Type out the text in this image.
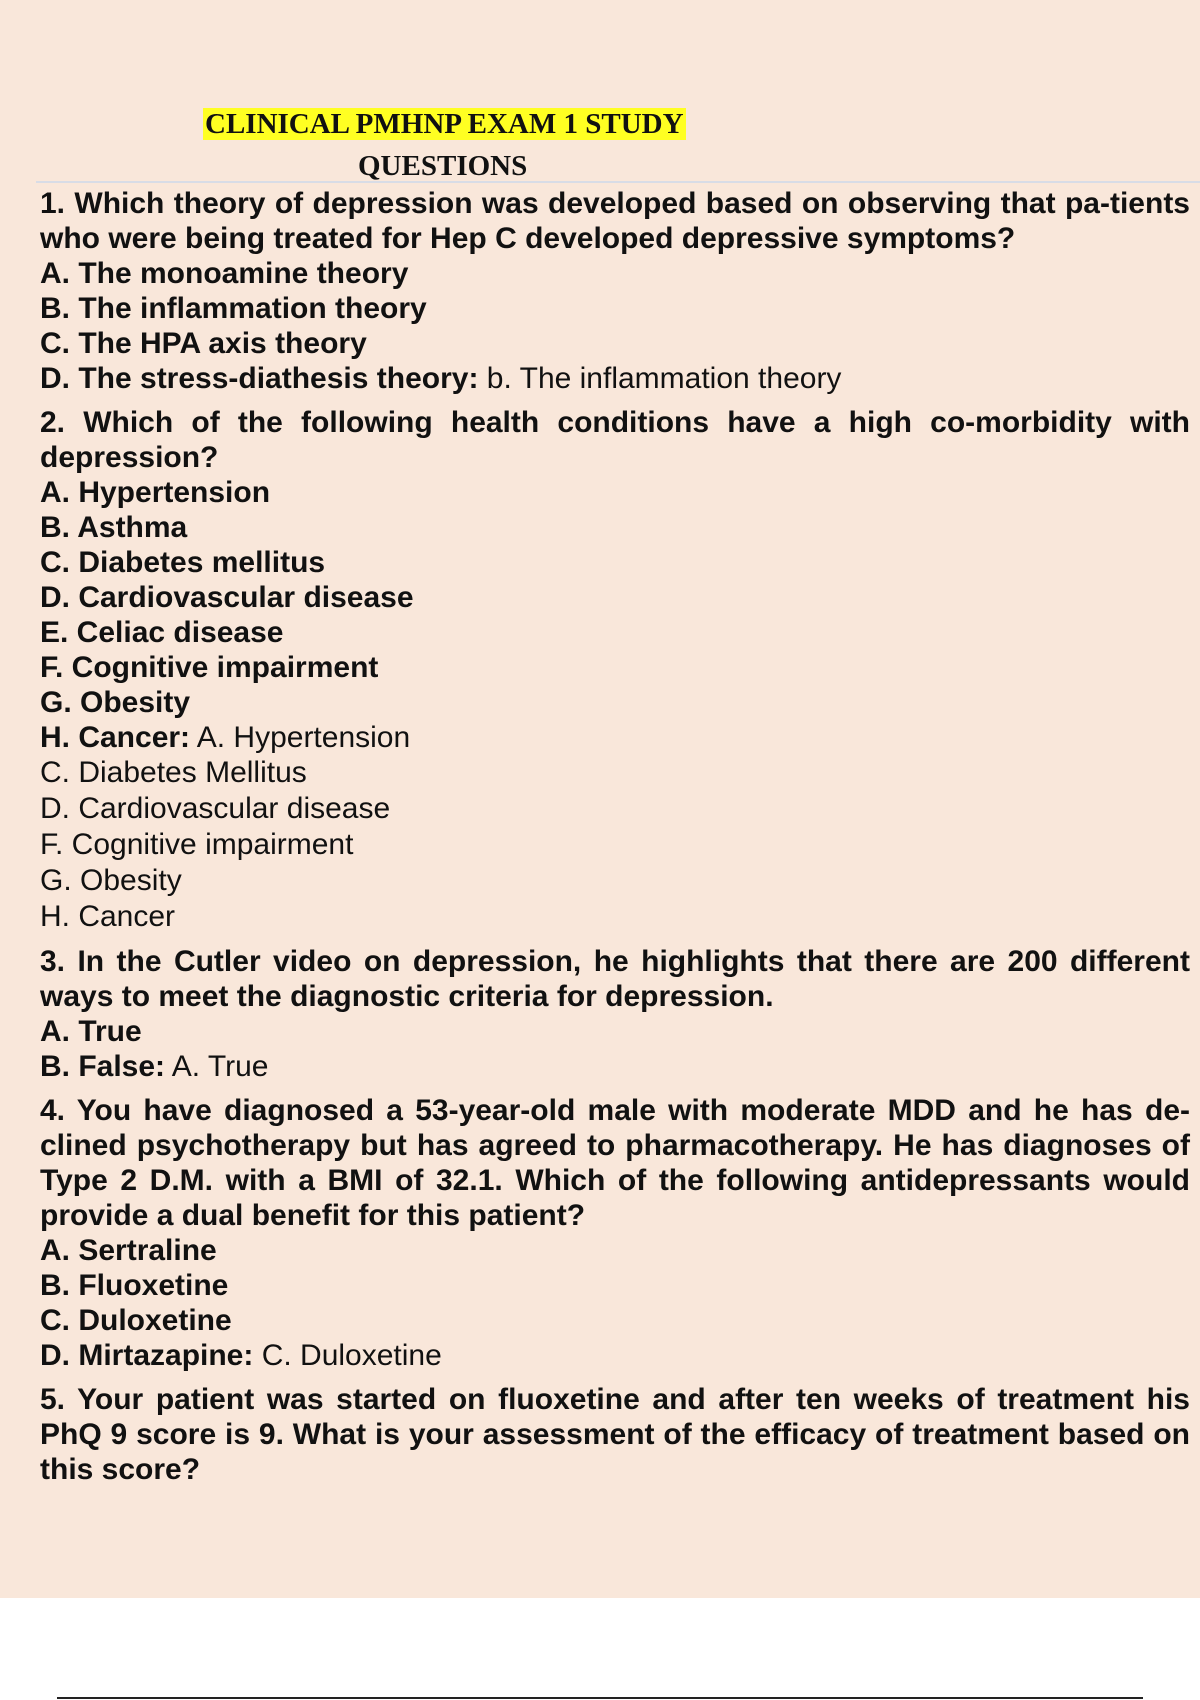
CLINICAL PMHNP EXAM 1 STUDY
QUESTIONS

1. Which theory of depression was developed based on observing that pa-tients who were being treated for Hep C developed depressive symptoms?

A. The monoamine theory

B. The inflammation theory

C. The HPA axis theory

D. The stress-diathesis theory: b. The inflammation theory

2. Which of the following health conditions have a high co-morbidity with depression?

A. Hypertension

B. Asthma

C. Diabetes mellitus

D. Cardiovascular disease

E. Celiac disease

F. Cognitive impairment

G. Obesity

H. Cancer: A. Hypertension

C. Diabetes Mellitus

D. Cardiovascular disease

F. Cognitive impairment

G. Obesity

H. Cancer

3. In the Cutler video on depression, he highlights that there are 200 different ways to meet the diagnostic criteria for depression.

A. True

B. False: A. True

4. You have diagnosed a 53-year-old male with moderate MDD and he has de-clined psychotherapy but has agreed to pharmacotherapy. He has diagnoses of Type 2 D.M. with a BMI of 32.1. Which of the following antidepressants would provide a dual benefit for this patient?

A. Sertraline

B. Fluoxetine

C. Duloxetine

D. Mirtazapine: C. Duloxetine

5. Your patient was started on fluoxetine and after ten weeks of treatment his PhQ 9 score is 9. What is your assessment of the efficacy of treatment based on this score?
